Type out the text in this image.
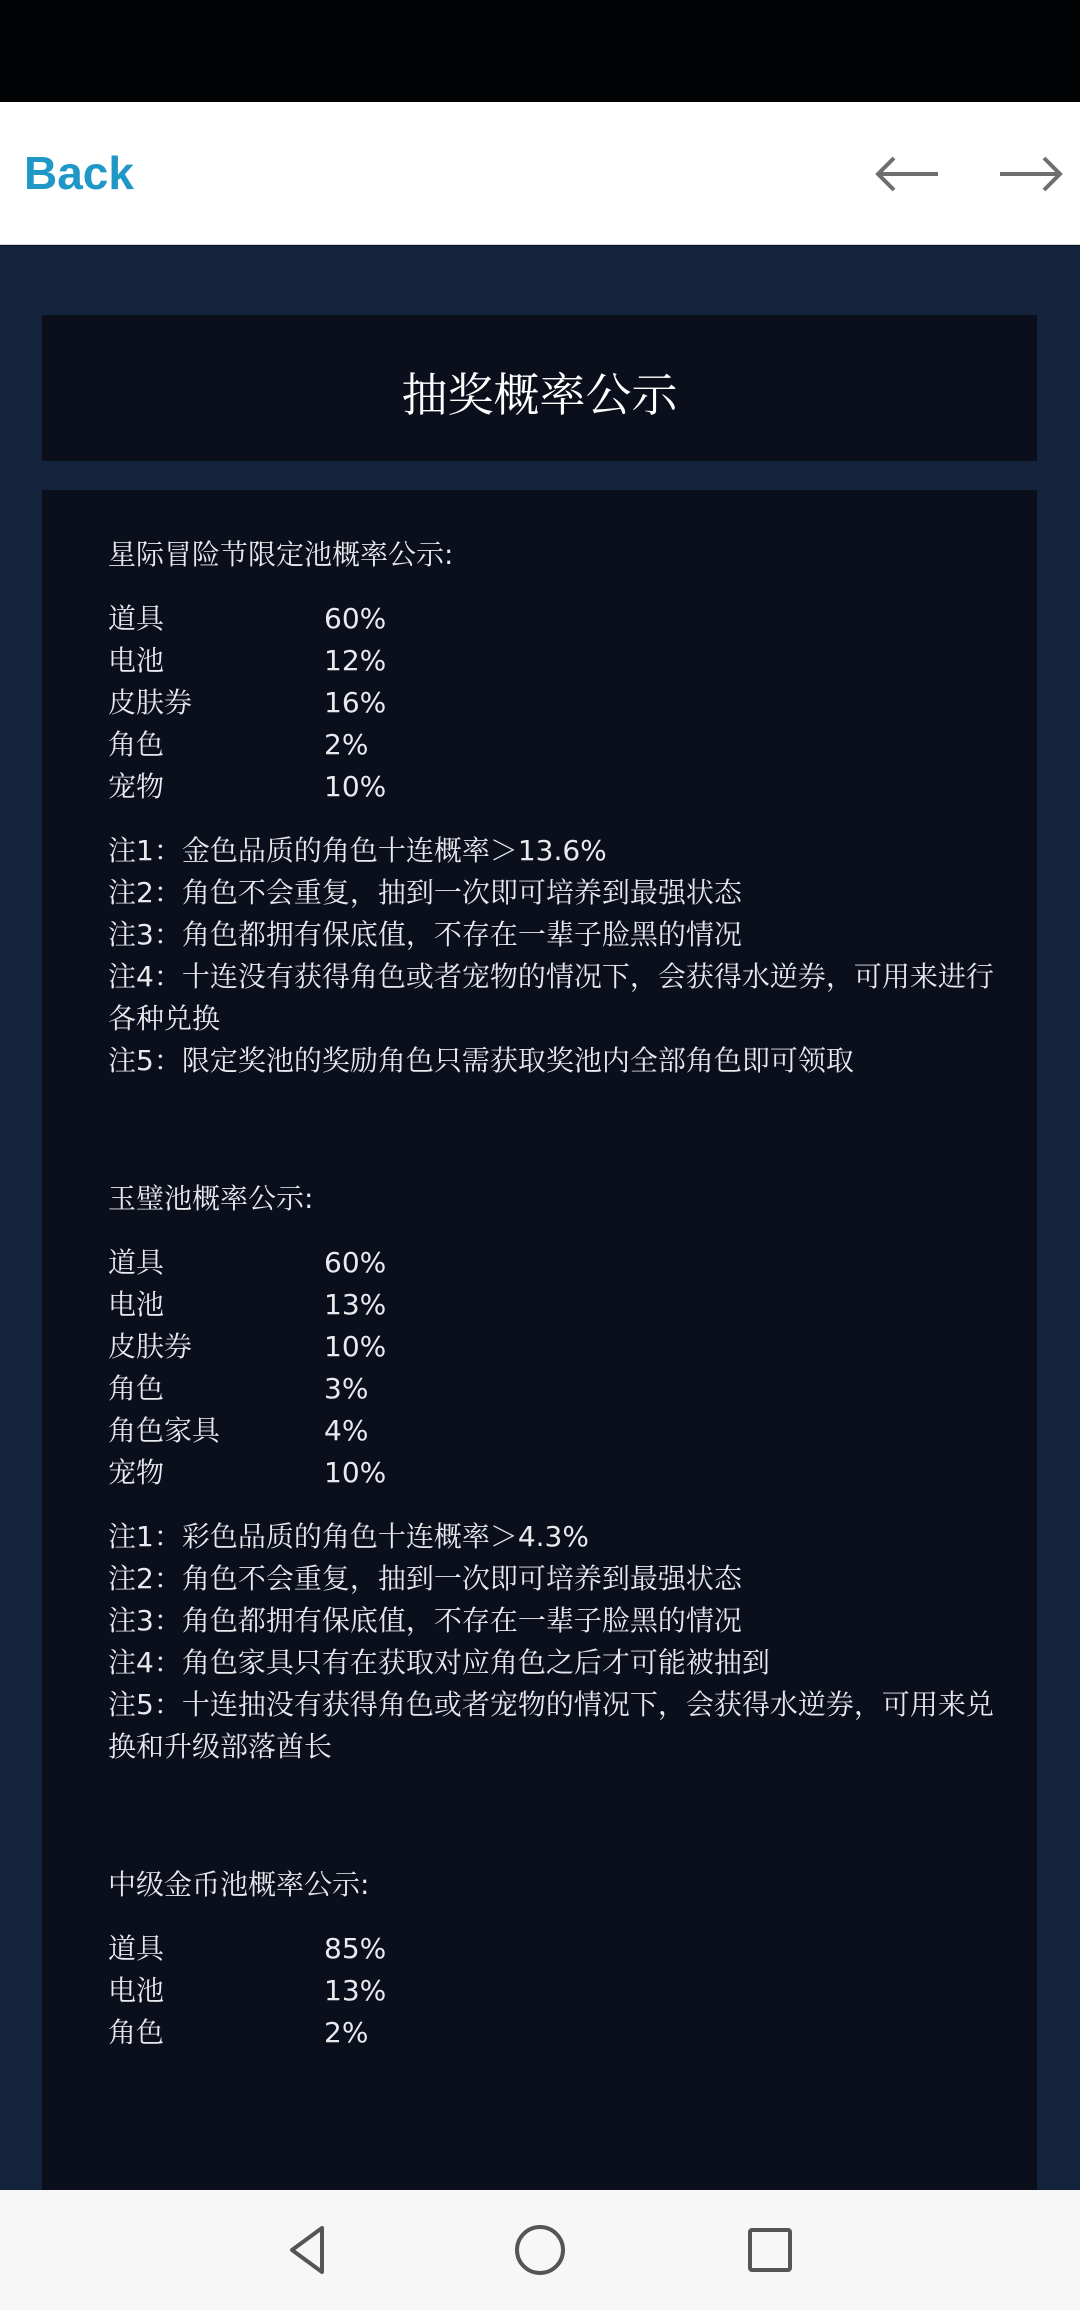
Back
抽奖概率公示
星际冒险节限定池概率公示:
道具	60%
电池	12%
皮肤券	16%
角色	2%
宠物	10%
注1：金色品质的角色十连概率＞13.6%
注2：角色不会重复，抽到一次即可培养到最强状态
注3：角色都拥有保底值，不存在一辈子脸黑的情况
注4：十连没有获得角色或者宠物的情况下，会获得水逆券，可用来进行各种兑换
注5：限定奖池的奖励角色只需获取奖池内全部角色即可领取
玉璧池概率公示:
道具	60%
电池	13%
皮肤券	10%
角色	3%
角色家具	4%
宠物	10%
注1：彩色品质的角色十连概率＞4.3%
注2：角色不会重复，抽到一次即可培养到最强状态
注3：角色都拥有保底值，不存在一辈子脸黑的情况
注4：角色家具只有在获取对应角色之后才可能被抽到
注5：十连抽没有获得角色或者宠物的情况下，会获得水逆券，可用来兑换和升级部落酋长
中级金币池概率公示:
道具	85%
电池	13%
角色	2%
